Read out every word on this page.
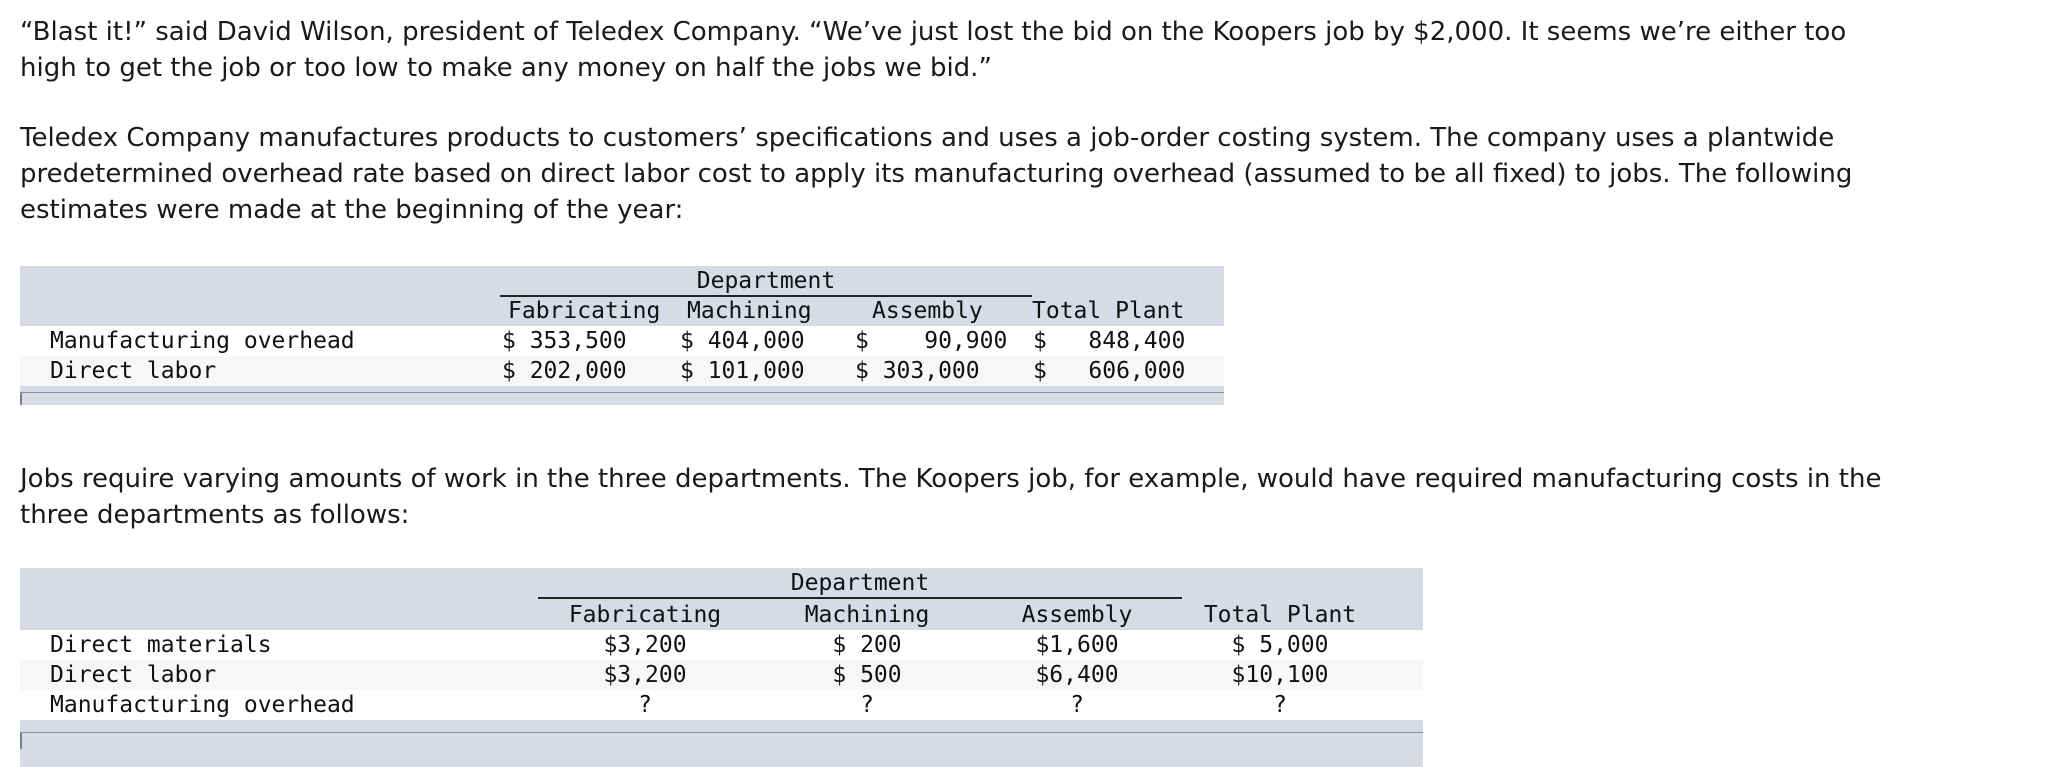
“Blast it!” said David Wilson, president of Teledex Company. “We’ve just lost the bid on the Koopers job by $2,000. It seems we’re either too high to get the job or too low to make any money on half the jobs we bid.”

Teledex Company manufactures products to customers’ specifications and uses a job-order costing system. The company uses a plantwide predetermined overhead rate based on direct labor cost to apply its manufacturing overhead (assumed to be all fixed) to jobs. The following estimates were made at the beginning of the year:

Department
Fabricating Machining	Assembly Total Plant
Manufacturing overhead	$ 353,500 $ 404,000 $    90,900 $   848,400
Direct labor	$ 202,000 $ 101,000 $ 303,000 $   606,000

Jobs require varying amounts of work in the three departments. The Koopers job, for example, would have required manufacturing costs in the three departments as follows:

Department
Fabricating	Machining	Assembly	Total Plant
Direct materials	$3,200	$ 200	$1,600	$ 5,000
Direct labor	$3,200	$ 500	$6,400	$10,100
Manufacturing overhead	?	?	?	?
